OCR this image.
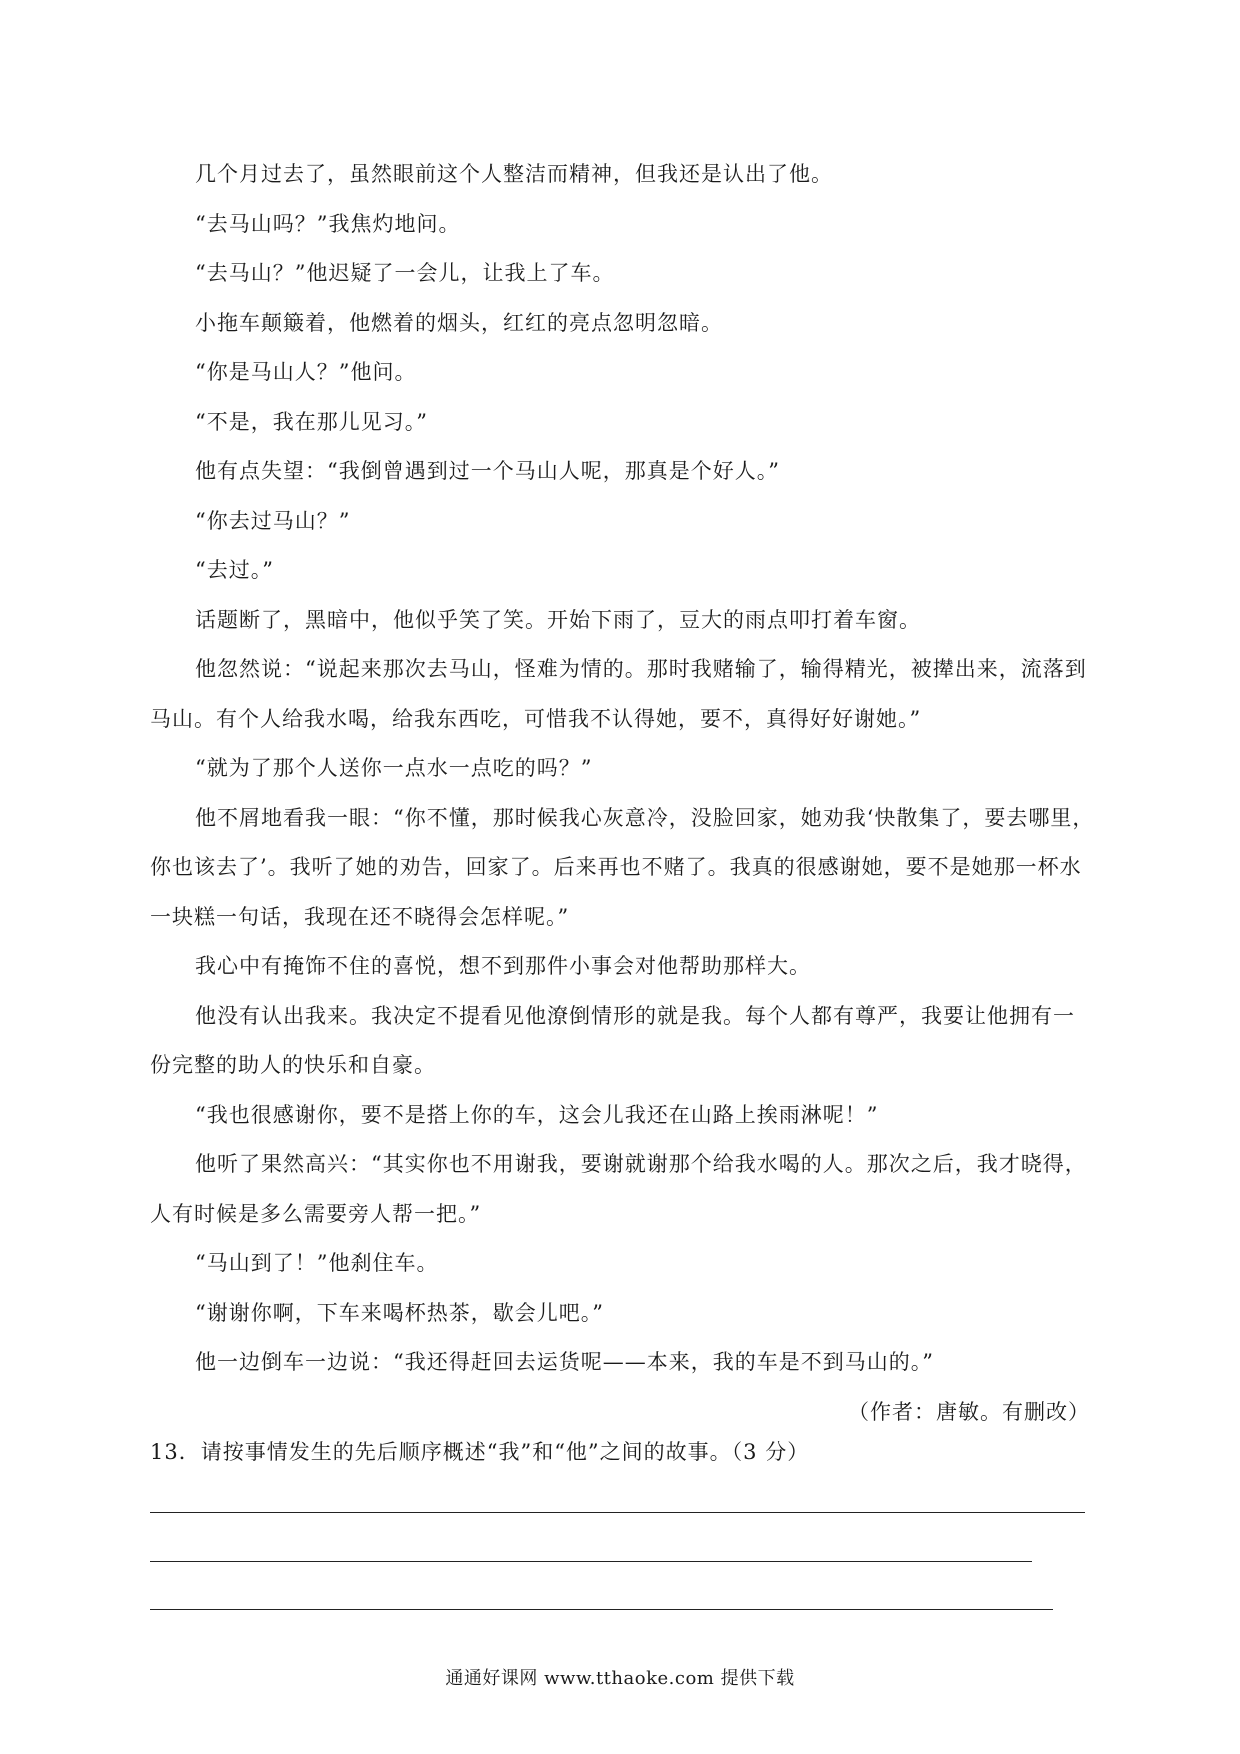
几个月过去了，虽然眼前这个人整洁而精神，但我还是认出了他。

“去马山吗？”我焦灼地问。

“去马山？”他迟疑了一会儿，让我上了车。

小拖车颠簸着，他燃着的烟头，红红的亮点忽明忽暗。

“你是马山人？”他问。

“不是，我在那儿见习。”

他有点失望：“我倒曾遇到过一个马山人呢，那真是个好人。”

“你去过马山？”

“去过。”

话题断了，黑暗中，他似乎笑了笑。开始下雨了，豆大的雨点叩打着车窗。

他忽然说：“说起来那次去马山，怪难为情的。那时我赌输了，输得精光，被撵出来，流落到马山。有个人给我水喝，给我东西吃，可惜我不认得她，要不，真得好好谢她。”

“就为了那个人送你一点水一点吃的吗？”

他不屑地看我一眼：“你不懂，那时候我心灰意冷，没脸回家，她劝我‘快散集了，要去哪里，你也该去了’。我听了她的劝告，回家了。后来再也不赌了。我真的很感谢她，要不是她那一杯水一块糕一句话，我现在还不晓得会怎样呢。”

我心中有掩饰不住的喜悦，想不到那件小事会对他帮助那样大。

他没有认出我来。我决定不提看见他潦倒情形的就是我。每个人都有尊严，我要让他拥有一份完整的助人的快乐和自豪。

“我也很感谢你，要不是搭上你的车，这会儿我还在山路上挨雨淋呢！”

他听了果然高兴：“其实你也不用谢我，要谢就谢那个给我水喝的人。那次之后，我才晓得，人有时候是多么需要旁人帮一把。”

“马山到了！”他刹住车。

“谢谢你啊，下车来喝杯热茶，歇会儿吧。”

他一边倒车一边说：“我还得赶回去运货呢——本来，我的车是不到马山的。”

（作者：唐敏。有删改）

13．请按事情发生的先后顺序概述“我”和“他”之间的故事。（3 分）
通通好课网 www.tthaoke.com 提供下载
